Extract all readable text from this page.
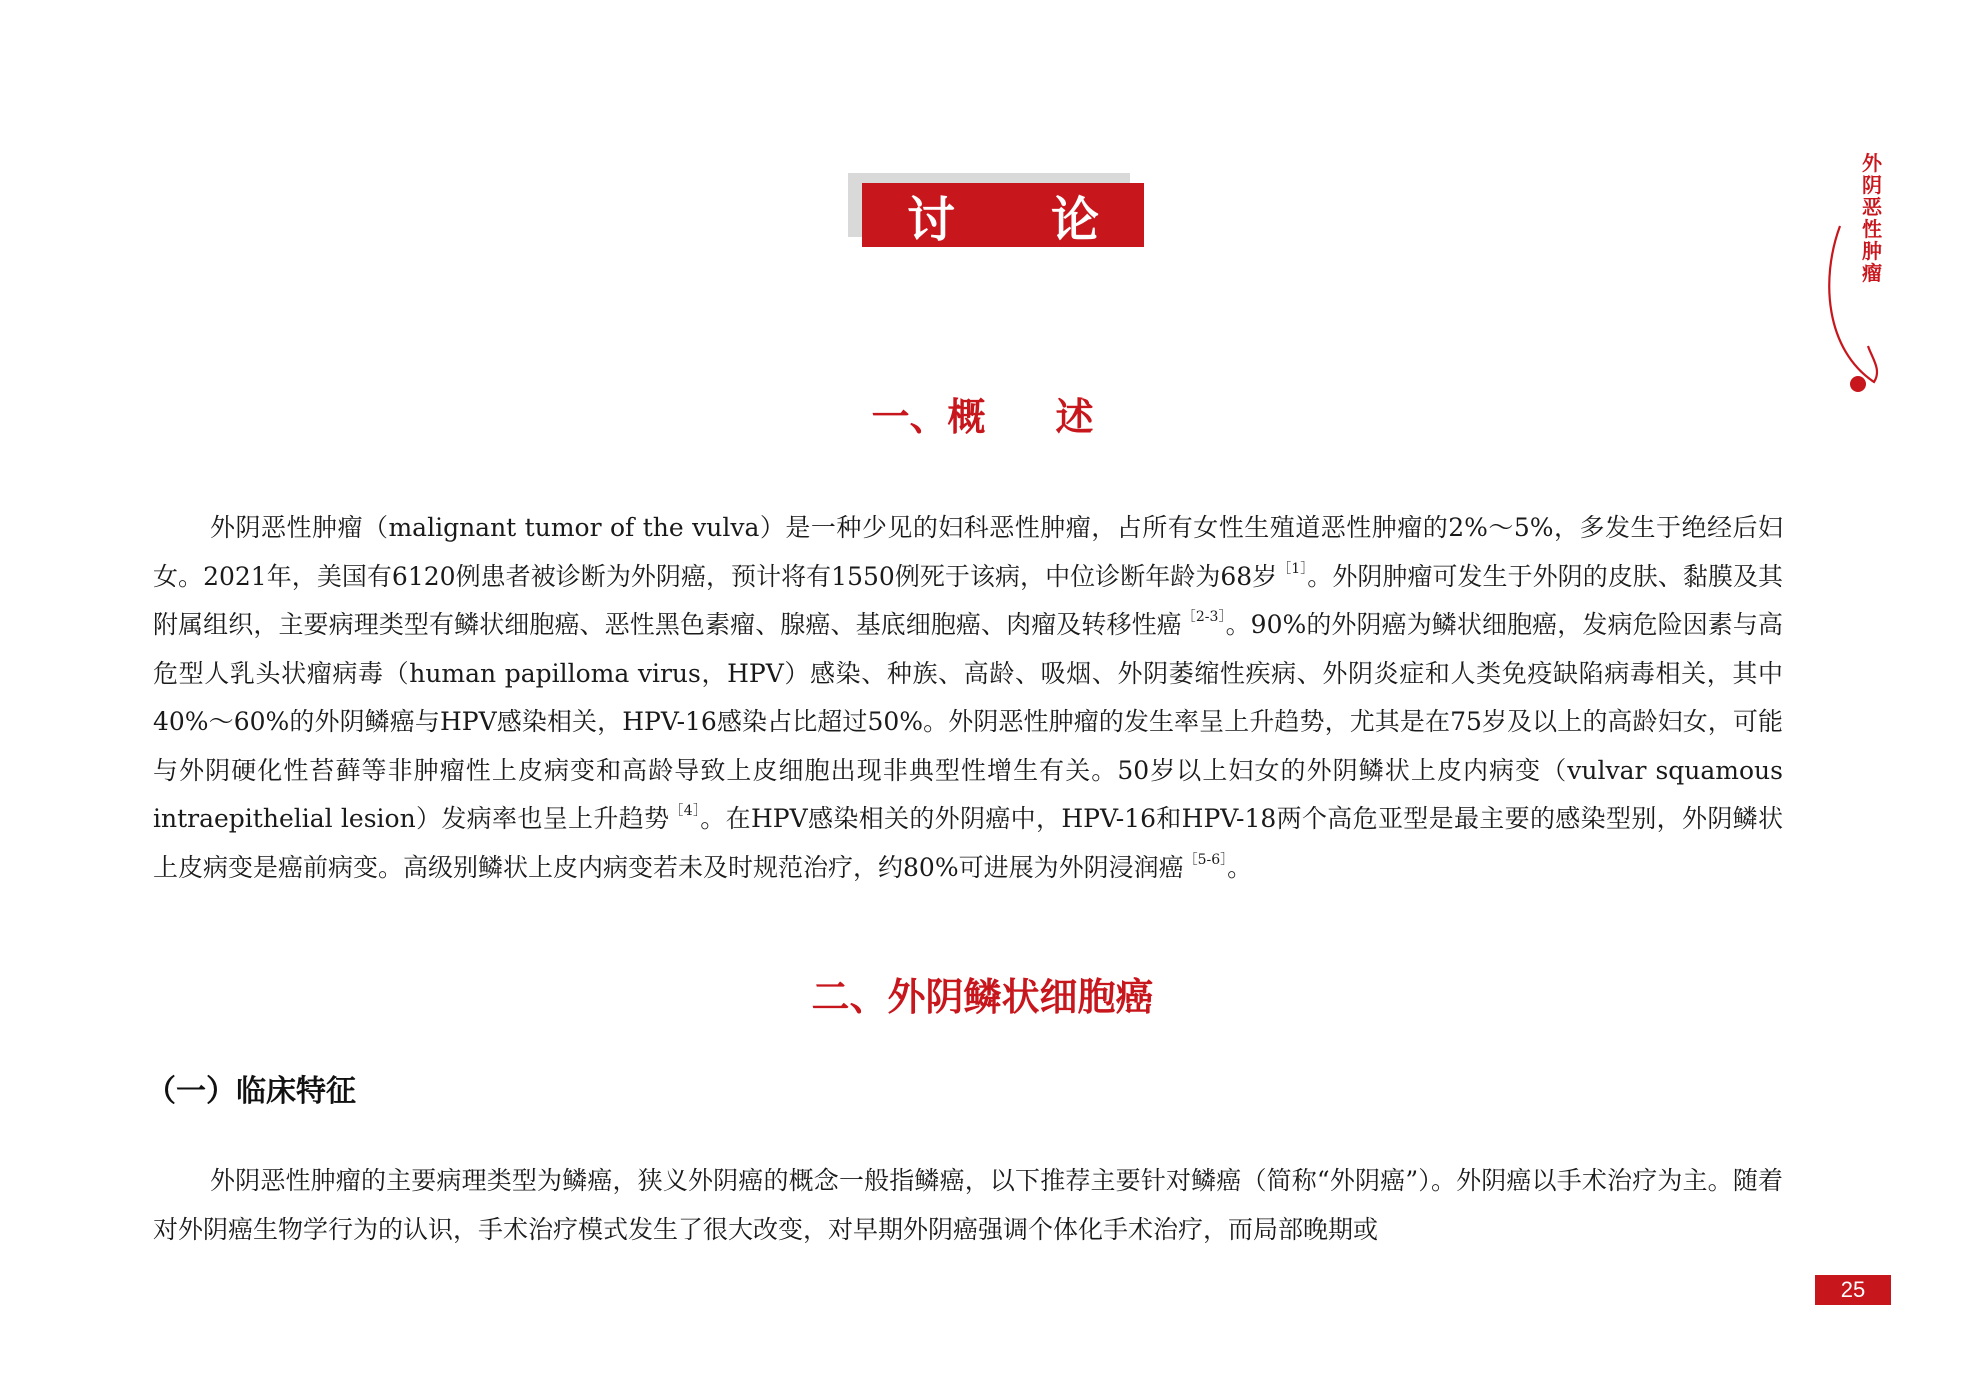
讨论
外阴恶性肿瘤
一、概 述

外阴恶性肿瘤（malignant tumor of the vulva）是一种少见的妇科恶性肿瘤，占所有女性生殖道恶性肿瘤的2%～5%，多发生于绝经后妇女。2021年，美国有6120例患者被诊断为外阴癌，预计将有1550例死于该病，中位诊断年龄为68岁$^{[1]}$。外阴肿瘤可发生于外阴的皮肤、黏膜及其附属组织，主要病理类型有鳞状细胞癌、恶性黑色素瘤、腺癌、基底细胞癌、肉瘤及转移性癌$^{[2-3]}$。90%的外阴癌为鳞状细胞癌，发病危险因素与高危型人乳头状瘤病毒（human papilloma virus，HPV）感染、种族、高龄、吸烟、外阴萎缩性疾病、外阴炎症和人类免疫缺陷病毒相关，其中40%～60%的外阴鳞癌与HPV感染相关，HPV-16感染占比超过50%。外阴恶性肿瘤的发生率呈上升趋势，尤其是在75岁及以上的高龄妇女，可能与外阴硬化性苔藓等非肿瘤性上皮病变和高龄导致上皮细胞出现非典型性增生有关。50岁以上妇女的外阴鳞状上皮内病变（vulvar squamous intraepithelial lesion）发病率也呈上升趋势$^{[4]}$。在HPV感染相关的外阴癌中，HPV-16和HPV-18两个高危亚型是最主要的感染型别，外阴鳞状上皮病变是癌前病变。高级别鳞状上皮内病变若未及时规范治疗，约80%可进展为外阴浸润癌$^{[5-6]}$。

二、外阴鳞状细胞癌
（一）临床特征

外阴恶性肿瘤的主要病理类型为鳞癌，狭义外阴癌的概念一般指鳞癌，以下推荐主要针对鳞癌（简称“外阴癌”）。外阴癌以手术治疗为主。随着对外阴癌生物学行为的认识，手术治疗模式发生了很大改变，对早期外阴癌强调个体化手术治疗，而局部晚期或

25
